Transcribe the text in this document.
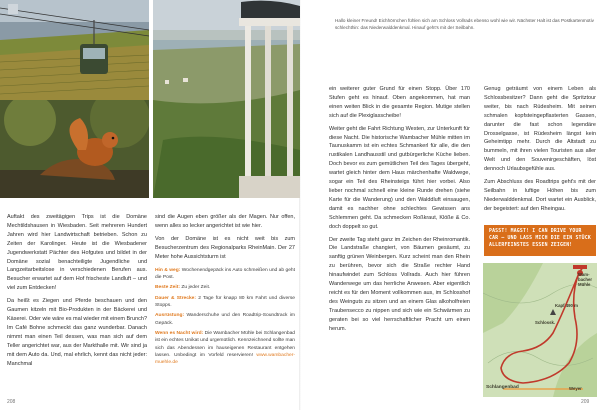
Hallo kleiner Freund! Eichhörnchen fühlen sich am Schloss Vollrads ebenso wohl wie wir. Nächster Halt ist das Postkartenmotiv schlechthin: das Niederwalddenkmal. Hinauf geht's mit der Seilbahn.

Auftakt des zweitägigen Trips ist die Domäne Mechtildshausen in Wiesbaden. Seit mehreren Hundert Jahren wird hier Landwirtschaft betrieben. Schon zu Zeiten der Karolinger. Heute ist die Wiesbadener Jugendwerkstatt Pächter des Hofgutes und bildet in der Domäne sozial benachteiligte Jugendliche und Langzeitarbeitslose in verschiedenen Berufen aus. Besucher erwartet auf dem Hof frischeste Landluft – und viel zum Entdecken!

Da heißt es Ziegen und Pferde beschauen und den Gaumen kitzeln mit Bio-Produkten in der Bäckerei und Käserei. Oder wie wäre es mal wieder mit einem Brunch? Im Café Bohne schmeckt das ganz wunderbar. Danach nimmt man einen Teil dessen, was man sich auf dem Teller angerichtet war, aus der Markthalle mit. Wir sind ja mit dem Auto da. Und, mal ehrlich, kennt das nicht jeder: Manchmal

sind die Augen eben größer als der Magen. Nur offen, wenn alles so lecker angerichtet ist wie hier.

Von der Domäne ist es nicht weit bis zum Besucherzentrum des Regionalparks RheinMain. Der 27 Meter hohe Aussichtsturm ist

Hin & weg: Wochenendgepäck ins Auto schmeißen und ab geht die Post.
Beste Zeit: Zu jeder Zeit.
Dauer & Strecke: 2 Tage für knapp 80 km Fahrt und diverse Stopps.
Ausrüstung: Wanderschuhe und den Roadtrip-Soundtrack im Gepäck.
Wenn es Nacht wird: Die Wambacher Mühle bei Schlangenbad ist ein echtes Unikat und urgemütlich. Kennzeichnend sollte man sich das Abendessen im hauseigenen Restaurant entgehen lassen. Unbedingt im Vorfeld reservieren! www.wambacher-muehle.de

ein weiterer guter Grund für einen Stopp. Über 170 Stufen geht es hinauf. Oben angekommen, hat man einen weiten Blick in die gesamte Region. Mutige stellen sich auf die Plexiglasscheibe!

Weiter geht die Fahrt Richtung Westen, zur Unterkunft für diese Nacht. Die historische Wambacher Mühle mitten im Taunuskamm ist ein echtes Schmankerl für alle, die den rustikalen Landhausstil und gutbürgerliche Küche lieben. Doch bevor es zum gemütlichen Teil des Tages übergeht, wartet gleich hinter dem Haus märchenhafte Waldwege, sogar ein Teil des Rheinsteigs führt hier vorbei. Also lieber nochmal schnell eine kleine Runde drehen (siehe Karte für die Wanderung) und den Walddluft einsaugen, damit es nachher ohne schlechtes Gewissen ans Schlemmen geht. Da schmecken Roßkraut, Klöße & Co. doch doppelt so gut.

Der zweite Tag steht ganz im Zeichen der Rheinromantik. Die Landstraße changiert, von Bäumen gesäumt, zu sanftig grünen Weinbergen. Kurz scheint man den Rhein zu berühren, bevor sich die Straße rechter Hand hinaufwindet zum Schloss Vollrads. Auch hier führen Wanderwege um das herrliche Anwesen. Aber eigentlich reicht es für den Moment vollkommen aus, im Schlosshof des Weinguts zu sitzen und an einem Glas alkoholfreien Traubensecco zu nippen und sich wie ein Schwärmen zu geraten bei so viel herrschaftlicher Pracht um einen herum.

Genug geträumt von einem Leben als Schlossbesitzer? Dann geht die Spritztour weiter, bis nach Rüdesheim. Mit seinen schmalen kopfsteingepflasterten Gassen, darunter die fast schon legendäre Drosselgasse, ist Rüdesheim längst kein Geheimtipp mehr. Durch die Altstadt zu bummeln, mit ihren vielen Touristen aus aller Welt und den Souvenirgeschäften, löst dennoch Urlaubsgefühle aus.

Zum Abschluss des Roadtrips geht's mit der Seilbahn in luftige Höhen bis zum Niederwalddenkmal. Dort wartet ein Ausblick, der begeistert: auf den Rheingau.

PASST! MAGST! I CAN DRIVE YOUR CAR – UND LASS MICH DIE EIN STÜCK ALLERFEINSTES ESSEN ZEIGEN!
Wam-bacher Mühle
Kapf 490 m
Schlossk.
Schlangenbad	Weyer
208	209
